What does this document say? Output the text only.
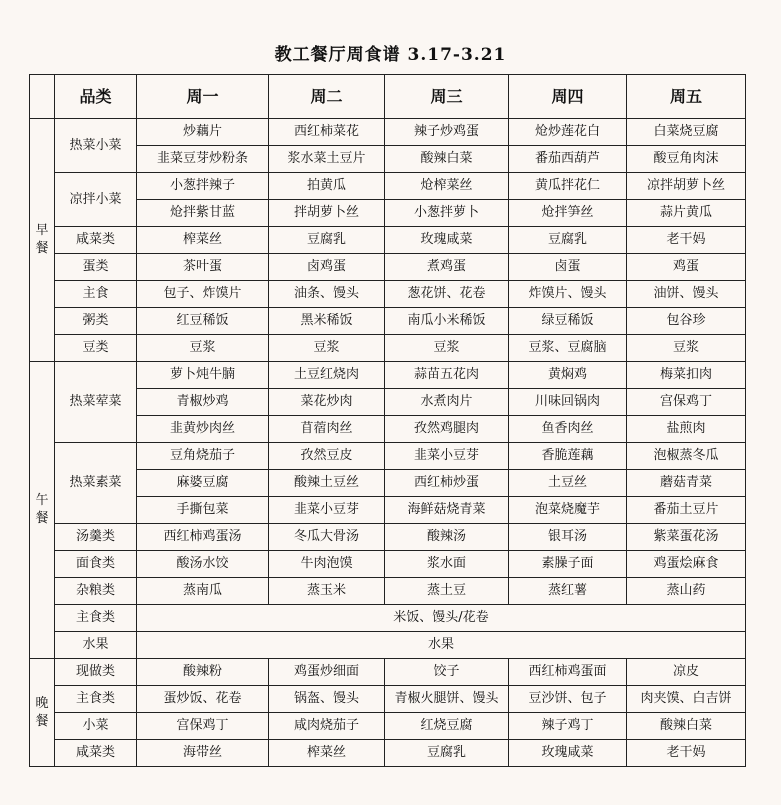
教工餐厅周食谱 3.17-3.21
	品类	周一	周二	周三	周四	周五

早
餐	热菜小菜	炒藕片	西红柿菜花	辣子炒鸡蛋	炝炒莲花白	白菜烧豆腐
		韭菜豆芽炒粉条	浆水菜土豆片	酸辣白菜	番茄西葫芦	酸豆角肉沫
	凉拌小菜	小葱拌辣子	拍黄瓜	炝榨菜丝	黄瓜拌花仁	凉拌胡萝卜丝
		炝拌紫甘蓝	拌胡萝卜丝	小葱拌萝卜	炝拌笋丝	蒜片黄瓜
	咸菜类	榨菜丝	豆腐乳	玫瑰咸菜	豆腐乳	老干妈
	蛋类	茶叶蛋	卤鸡蛋	煮鸡蛋	卤蛋	鸡蛋
	主食	包子、炸馍片	油条、馒头	葱花饼、花卷	炸馍片、馒头	油饼、馒头
	粥类	红豆稀饭	黑米稀饭	南瓜小米稀饭	绿豆稀饭	包谷珍
	豆类	豆浆	豆浆	豆浆	豆浆、豆腐脑	豆浆

午
餐	热菜荤菜	萝卜炖牛腩	土豆红烧肉	蒜苗五花肉	黄焖鸡	梅菜扣肉
		青椒炒鸡	菜花炒肉	水煮肉片	川味回锅肉	宫保鸡丁
		韭黄炒肉丝	苜蓿肉丝	孜然鸡腿肉	鱼香肉丝	盐煎肉
	热菜素菜	豆角烧茄子	孜然豆皮	韭菜小豆芽	香脆莲藕	泡椒蒸冬瓜
		麻婆豆腐	酸辣土豆丝	西红柿炒蛋	土豆丝	蘑菇青菜
		手撕包菜	韭菜小豆芽	海鲜菇烧青菜	泡菜烧魔芋	番茄土豆片
	汤羹类	西红柿鸡蛋汤	冬瓜大骨汤	酸辣汤	银耳汤	紫菜蛋花汤
	面食类	酸汤水饺	牛肉泡馍	浆水面	素臊子面	鸡蛋烩麻食
	杂粮类	蒸南瓜	蒸玉米	蒸土豆	蒸红薯	蒸山药
	主食类	米饭、馒头/花卷				
	水果	水果				

晚
餐	现做类	酸辣粉	鸡蛋炒细面	饺子	西红柿鸡蛋面	凉皮
	主食类	蛋炒饭、花卷	锅盔、馒头	青椒火腿饼、馒头	豆沙饼、包子	肉夹馍、白吉饼
	小菜	宫保鸡丁	咸肉烧茄子	红烧豆腐	辣子鸡丁	酸辣白菜
	咸菜类	海带丝	榨菜丝	豆腐乳	玫瑰咸菜	老干妈
